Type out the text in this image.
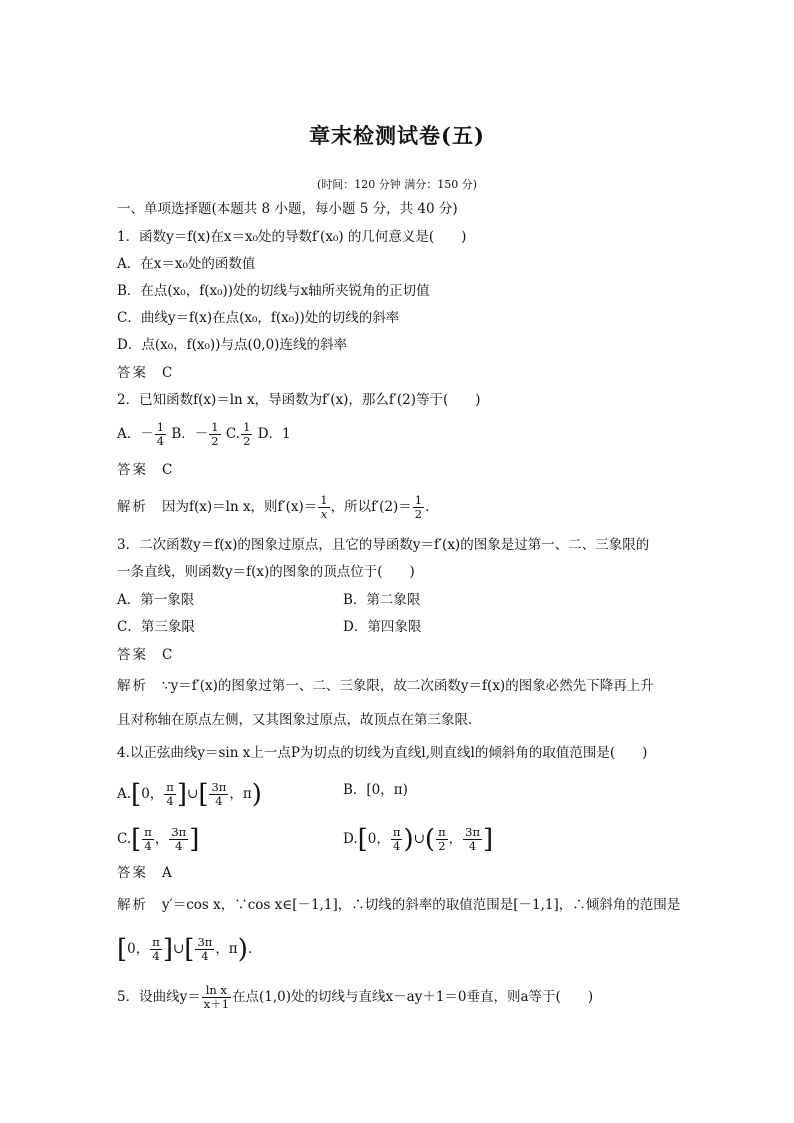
章末检测试卷(五)
(时间：120 分钟 满分：150 分)
一、单项选择题(本题共 8 小题，每小题 5 分，共 40 分)
1．函数y＝f(x)在x＝x₀处的导数f′(x₀) 的几何意义是(　　)
A．在x＝x₀处的函数值
B．在点(x₀，f(x₀))处的切线与x轴所夹锐角的正切值
C．曲线y＝f(x)在点(x₀，f(x₀))处的切线的斜率
D．点(x₀，f(x₀))与点(0,0)连线的斜率
答案 C
2．已知函数f(x)＝ln x，导函数为f′(x)，那么f′(2)等于(　　)
A．－ $\frac{1}{4}$ B．－ $\frac{1}{2} C$. $\frac{1}{2}$ D．1
答案 C
解析 因为f(x)＝ln x，则$f'(x)= \frac{1}{x}$ ，所以$f'(2)= \frac{1}{2}$ .
3．二次函数y＝f(x)的图象过原点，且它的导函数y＝f′(x)的图象是过第一、二、三象限的
一条直线，则函数y＝f(x)的图象的顶点位于(　　)
A．第一象限	B．第二象限
C．第三象限	D．第四象限
答案 C
解析 ∵y＝f′(x)的图象过第一、二、三象限，故二次函数y＝f(x)的图象必然先下降再上升
且对称轴在原点左侧，又其图象过原点，故顶点在第三象限．
4.以正弦曲线y＝sin x上一点P为切点的切线为直线l,则直线l的倾斜角的取值范围是(　　)
A.[0， $\frac{\pi}{4}$ ]∪[ $\frac{3\pi}{4}$ ，π)	B．[0，π)
$C.[ \frac{\pi}{4}$ ， $\frac{3\pi}{4}$ ]	D.[0， $\frac{\pi}{4}$ )∪( $\frac{\pi}{2}$ ， $\frac{3\pi}{4}$ ]
答案 A
解析 y′＝cos x，∵cos x∈[－1,1]，∴切线的斜率的取值范围是[－1,1]，∴倾斜角的范围是
[0， $\frac{\pi}{4}$ ]∪[ $\frac{3\pi}{4}$ ，π).
5．设曲线$y= \frac{\text{ln x}}{x+1}$ 在点(1,0)处的切线与直线x－ay＋1＝0垂直，则a等于(　　)
